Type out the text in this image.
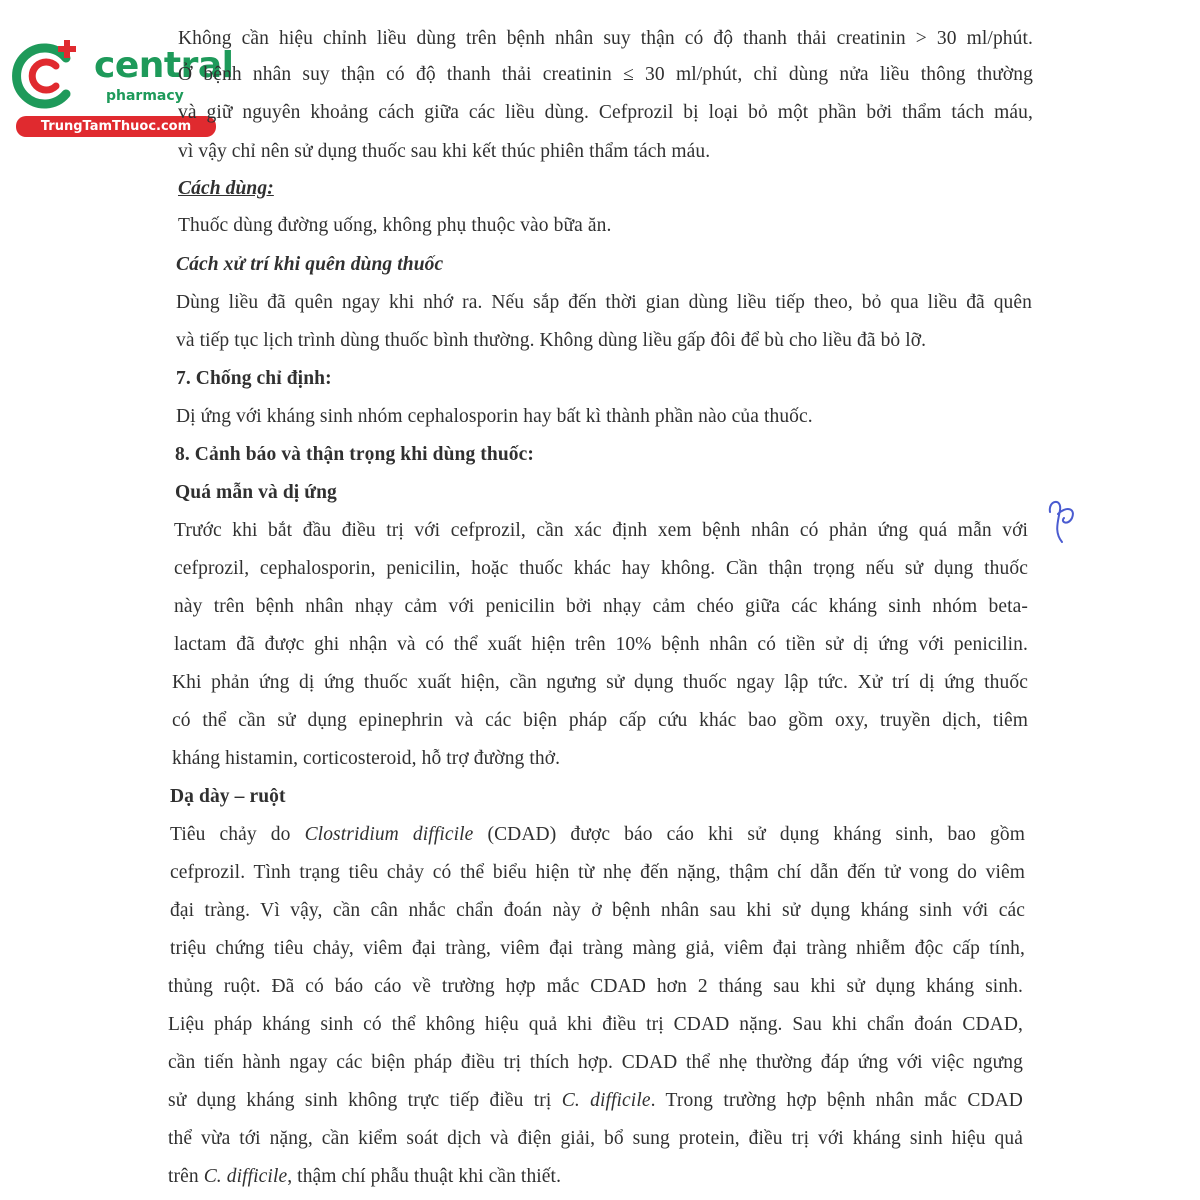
central
pharmacy
TrungTamThuoc.com
Không cần hiệu chỉnh liều dùng trên bệnh nhân suy thận có độ thanh thải creatinin > 30 ml/phút.
Ở bệnh nhân suy thận có độ thanh thải creatinin ≤ 30 ml/phút, chỉ dùng nửa liều thông thường
và giữ nguyên khoảng cách giữa các liều dùng. Cefprozil bị loại bỏ một phần bởi thẩm tách máu,
vì vậy chỉ nên sử dụng thuốc sau khi kết thúc phiên thẩm tách máu.
Cách dùng:
Thuốc dùng đường uống, không phụ thuộc vào bữa ăn.
Cách xử trí khi quên dùng thuốc
Dùng liều đã quên ngay khi nhớ ra. Nếu sắp đến thời gian dùng liều tiếp theo, bỏ qua liều đã quên
và tiếp tục lịch trình dùng thuốc bình thường. Không dùng liều gấp đôi để bù cho liều đã bỏ lỡ.
7. Chống chỉ định:
Dị ứng với kháng sinh nhóm cephalosporin hay bất kì thành phần nào của thuốc.
8. Cảnh báo và thận trọng khi dùng thuốc:
Quá mẫn và dị ứng
Trước khi bắt đầu điều trị với cefprozil, cần xác định xem bệnh nhân có phản ứng quá mẫn với
cefprozil, cephalosporin, penicilin, hoặc thuốc khác hay không. Cần thận trọng nếu sử dụng thuốc
này trên bệnh nhân nhạy cảm với penicilin bởi nhạy cảm chéo giữa các kháng sinh nhóm beta-
lactam đã được ghi nhận và có thể xuất hiện trên 10% bệnh nhân có tiền sử dị ứng với penicilin.
Khi phản ứng dị ứng thuốc xuất hiện, cần ngưng sử dụng thuốc ngay lập tức. Xử trí dị ứng thuốc
có thể cần sử dụng epinephrin và các biện pháp cấp cứu khác bao gồm oxy, truyền dịch, tiêm
kháng histamin, corticosteroid, hỗ trợ đường thở.
Dạ dày – ruột
Tiêu chảy do Clostridium difficile (CDAD) được báo cáo khi sử dụng kháng sinh, bao gồm
cefprozil. Tình trạng tiêu chảy có thể biểu hiện từ nhẹ đến nặng, thậm chí dẫn đến tử vong do viêm
đại tràng. Vì vậy, cần cân nhắc chẩn đoán này ở bệnh nhân sau khi sử dụng kháng sinh với các
triệu chứng tiêu chảy, viêm đại tràng, viêm đại tràng màng giả, viêm đại tràng nhiễm độc cấp tính,
thủng ruột. Đã có báo cáo về trường hợp mắc CDAD hơn 2 tháng sau khi sử dụng kháng sinh.
Liệu pháp kháng sinh có thể không hiệu quả khi điều trị CDAD nặng. Sau khi chẩn đoán CDAD,
cần tiến hành ngay các biện pháp điều trị thích hợp. CDAD thể nhẹ thường đáp ứng với việc ngưng
sử dụng kháng sinh không trực tiếp điều trị C. difficile. Trong trường hợp bệnh nhân mắc CDAD
thể vừa tới nặng, cần kiểm soát dịch và điện giải, bổ sung protein, điều trị với kháng sinh hiệu quả
trên C. difficile, thậm chí phẫu thuật khi cần thiết.
